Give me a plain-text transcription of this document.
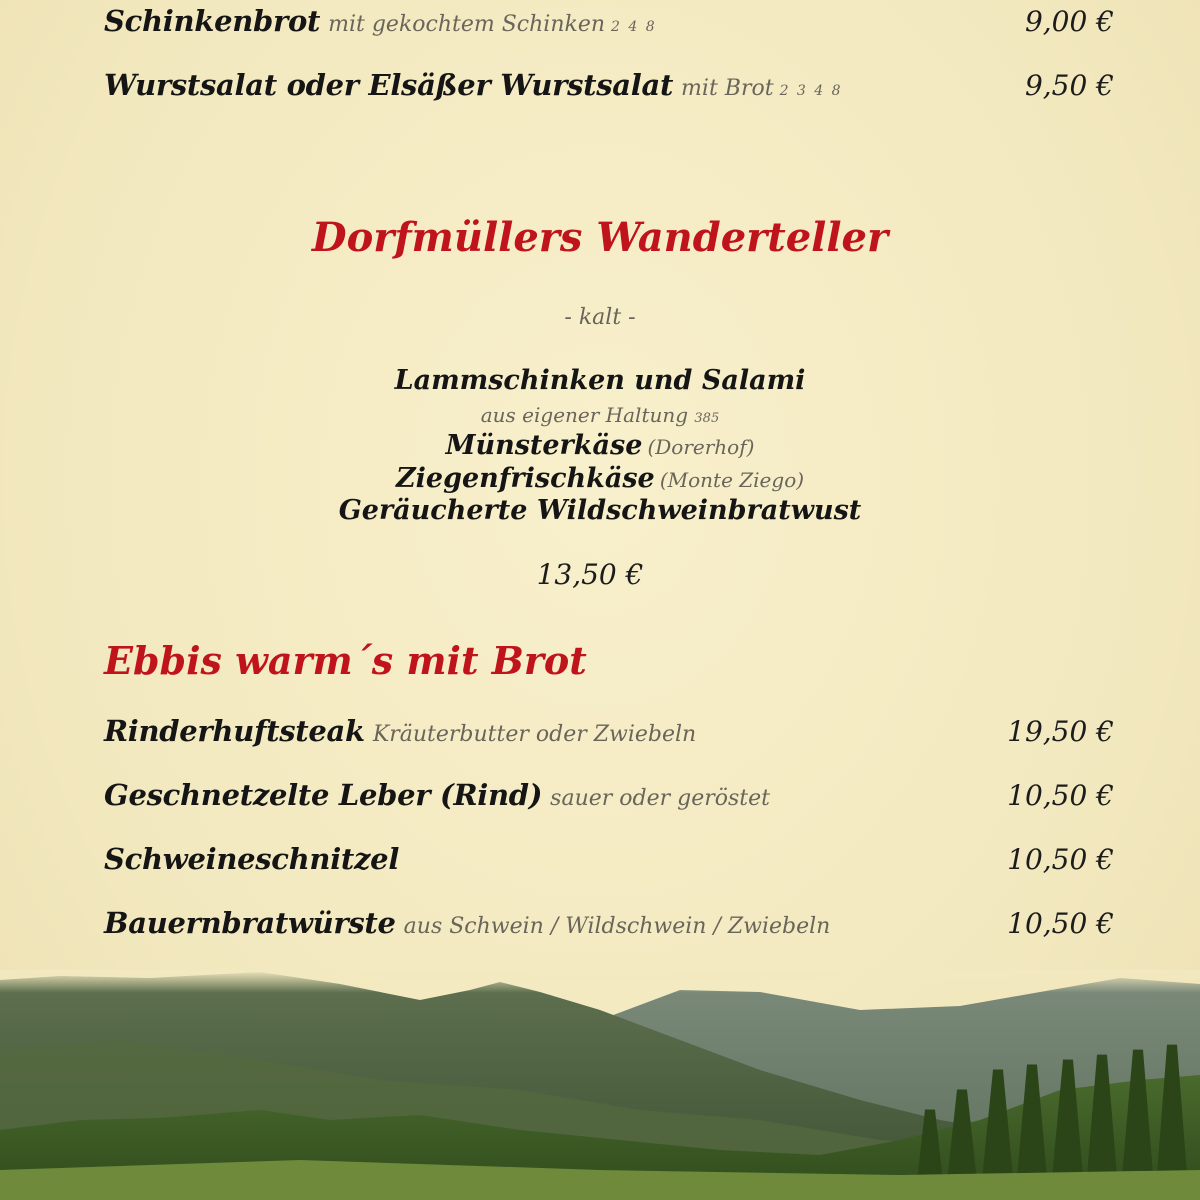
Schinkenbrot mit gekochtem Schinken 2 4 8	9,00 €
Wurstsalat oder Elsäßer Wurstsalat mit Brot 2 3 4 8	9,50 €
Dorfmüllers Wanderteller
- kalt -
Lammschinken und Salami
aus eigener Haltung 385
Münsterkäse (Dorerhof)
Ziegenfrischkäse (Monte Ziego)
Geräucherte Wildschweinbratwust
13,50 €
Ebbis warm´s mit Brot
Rinderhuftsteak Kräuterbutter oder Zwiebeln	19,50 €
Geschnetzelte Leber (Rind) sauer oder geröstet	10,50 €
Schweineschnitzel	10,50 €
Bauernbratwürste aus Schwein / Wildschwein / Zwiebeln	10,50 €
